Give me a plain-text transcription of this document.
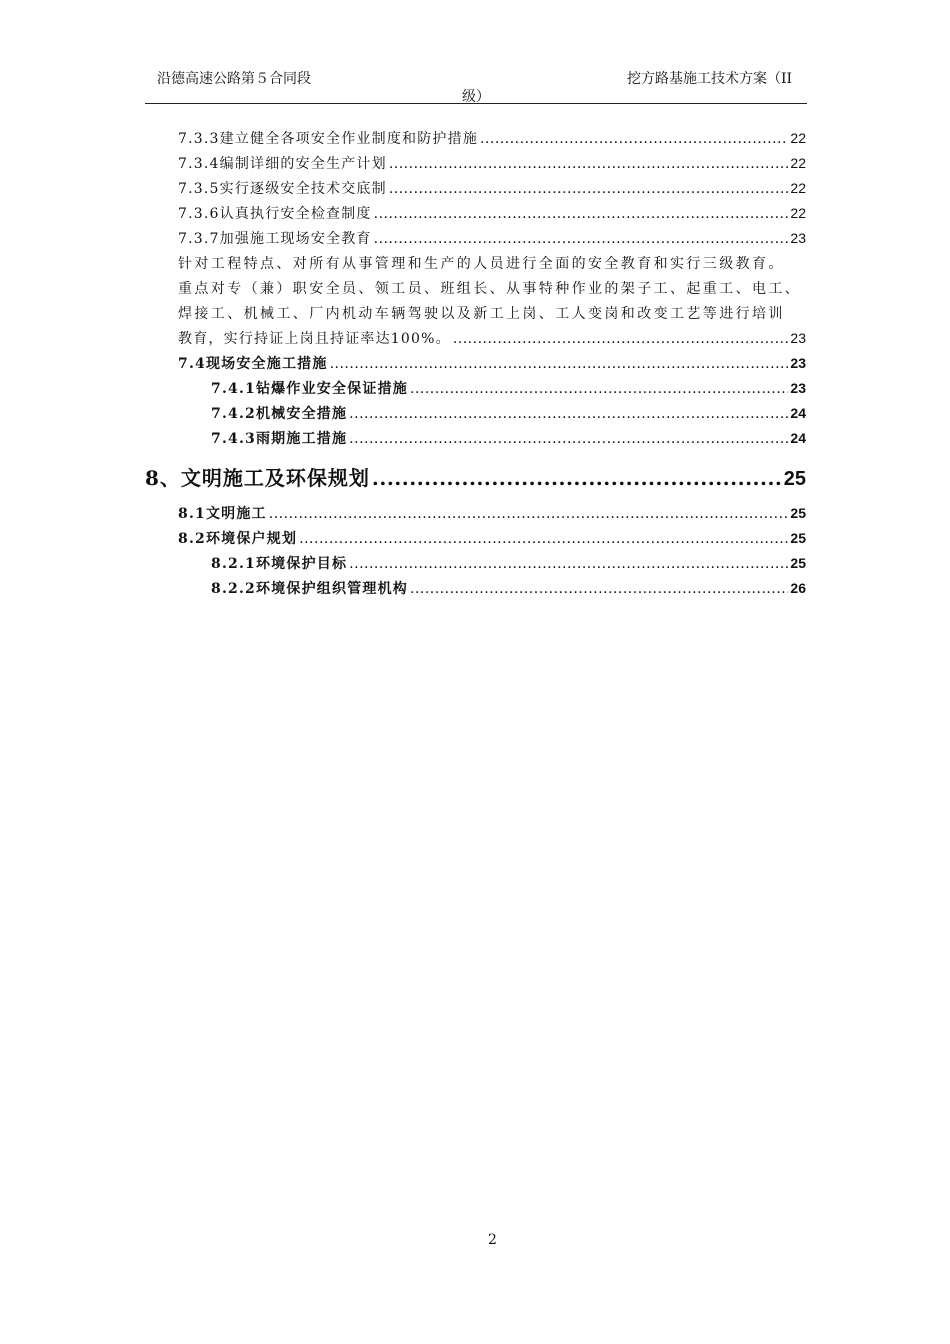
沿德高速公路第５合同段	挖方路基施工技术方案（II
级）
7.3.3建立健全各项安全作业制度和防护措施 .....	22
7.3.4编制详细的安全生产计划 .....	22
7.3.5实行逐级安全技术交底制 .....	22
7.3.6认真执行安全检查制度 .....	22
7.3.7加强施工现场安全教育 .....	23
针对工程特点、对所有从事管理和生产的人员进行全面的安全教育和实行三级教育。
重点对专（兼）职安全员、领工员、班组长、从事特种作业的架子工、起重工、电工、
焊接工、机械工、厂内机动车辆驾驶以及新工上岗、工人变岗和改变工艺等进行培训
教育，实行持证上岗且持证率达100%。 .....	23
7.4现场安全施工措施 .....	23
7.4.1钻爆作业安全保证措施 .....	23
7.4.2机械安全措施 .....	24
7.4.3雨期施工措施 .....	24
8、文明施工及环保规划 .....	25
8.1文明施工 .....	25
8.2环境保户规划 .....	25
8.2.1环境保护目标 .....	25
8.2.2环境保护组织管理机构 .....	26
2
